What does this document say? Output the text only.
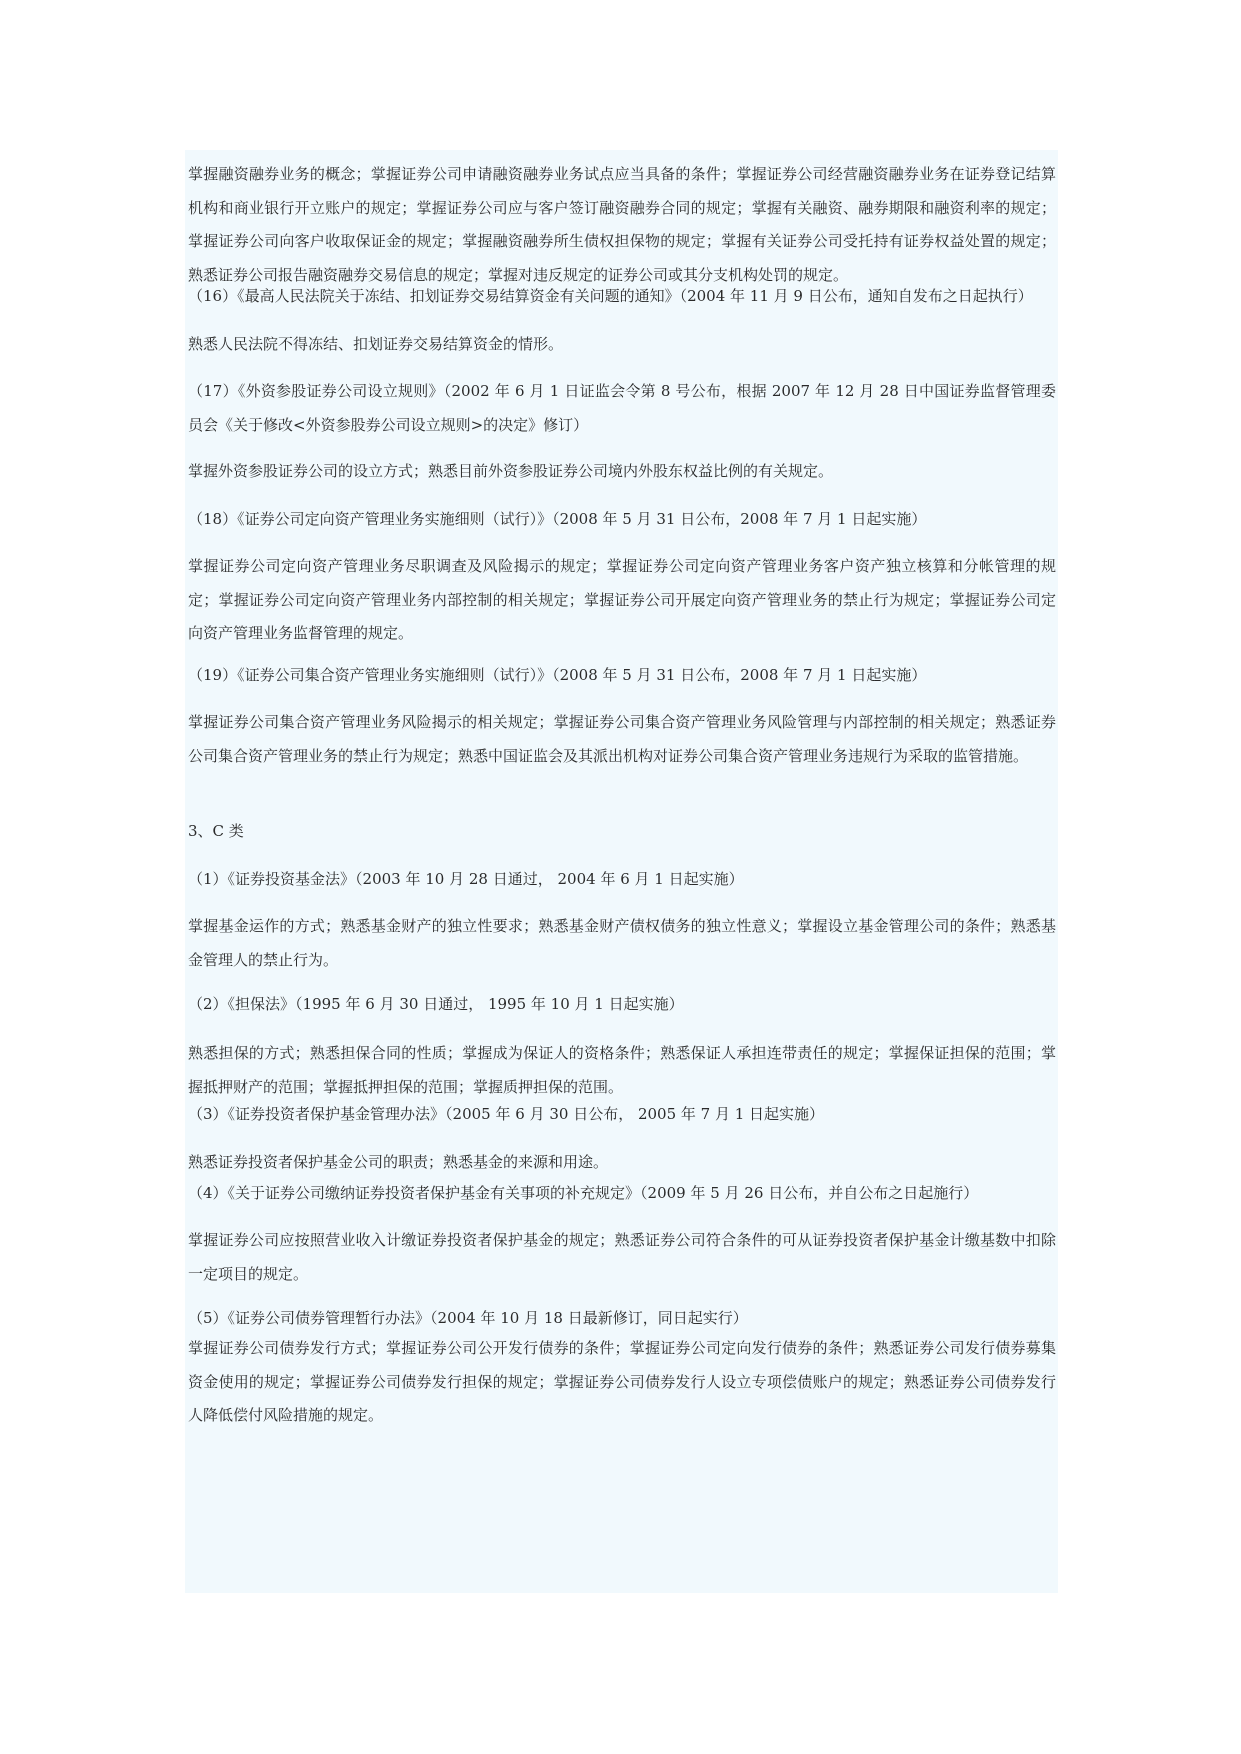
掌握融资融券业务的概念；掌握证券公司申请融资融券业务试点应当具备的条件；掌握证券公司经营融资融券业务在证券登记结算机构和商业银行开立账户的规定；掌握证券公司应与客户签订融资融券合同的规定；掌握有关融资、融券期限和融资利率的规定；掌握证券公司向客户收取保证金的规定；掌握融资融券所生债权担保物的规定；掌握有关证券公司受托持有证券权益处置的规定；熟悉证券公司报告融资融券交易信息的规定；掌握对违反规定的证券公司或其分支机构处罚的规定。

（16）《最高人民法院关于冻结、扣划证券交易结算资金有关问题的通知》（2004 年 11 月 9 日公布，通知自发布之日起执行）
熟悉人民法院不得冻结、扣划证券交易结算资金的情形。

（17）《外资参股证券公司设立规则》（2002 年 6 月 1 日证监会令第 8 号公布，根据 2007 年 12 月 28 日中国证券监督管理委员会《关于修改<外资参股券公司设立规则>的决定》修订）

掌握外资参股证券公司的设立方式；熟悉目前外资参股证券公司境内外股东权益比例的有关规定。
（18）《证券公司定向资产管理业务实施细则（试行）》（2008 年 5 月 31 日公布，2008 年 7 月 1 日起实施）

掌握证券公司定向资产管理业务尽职调查及风险揭示的规定；掌握证券公司定向资产管理业务客户资产独立核算和分帐管理的规定；掌握证券公司定向资产管理业务内部控制的相关规定；掌握证券公司开展定向资产管理业务的禁止行为规定；掌握证券公司定向资产管理业务监督管理的规定。

（19）《证券公司集合资产管理业务实施细则（试行）》（2008 年 5 月 31 日公布，2008 年 7 月 1 日起实施）

掌握证券公司集合资产管理业务风险揭示的相关规定；掌握证券公司集合资产管理业务风险管理与内部控制的相关规定；熟悉证券公司集合资产管理业务的禁止行为规定；熟悉中国证监会及其派出机构对证券公司集合资产管理业务违规行为采取的监管措施。

3、C 类
（1）《证券投资基金法》（2003 年 10 月 28 日通过， 2004 年 6 月 1 日起实施）

掌握基金运作的方式；熟悉基金财产的独立性要求；熟悉基金财产债权债务的独立性意义；掌握设立基金管理公司的条件；熟悉基金管理人的禁止行为。

（2）《担保法》（1995 年 6 月 30 日通过， 1995 年 10 月 1 日起实施）

熟悉担保的方式；熟悉担保合同的性质；掌握成为保证人的资格条件；熟悉保证人承担连带责任的规定；掌握保证担保的范围；掌握抵押财产的范围；掌握抵押担保的范围；掌握质押担保的范围。

（3）《证券投资者保护基金管理办法》（2005 年 6 月 30 日公布， 2005 年 7 月 1 日起实施）
熟悉证券投资者保护基金公司的职责；熟悉基金的来源和用途。
（4）《关于证券公司缴纳证券投资者保护基金有关事项的补充规定》（2009 年 5 月 26 日公布，并自公布之日起施行）

掌握证券公司应按照营业收入计缴证券投资者保护基金的规定；熟悉证券公司符合条件的可从证券投资者保护基金计缴基数中扣除一定项目的规定。

（5）《证券公司债券管理暂行办法》（2004 年 10 月 18 日最新修订，同日起实行）

掌握证券公司债券发行方式；掌握证券公司公开发行债券的条件；掌握证券公司定向发行债券的条件；熟悉证券公司发行债券募集资金使用的规定；掌握证券公司债券发行担保的规定；掌握证券公司债券发行人设立专项偿债账户的规定；熟悉证券公司债券发行人降低偿付风险措施的规定。
